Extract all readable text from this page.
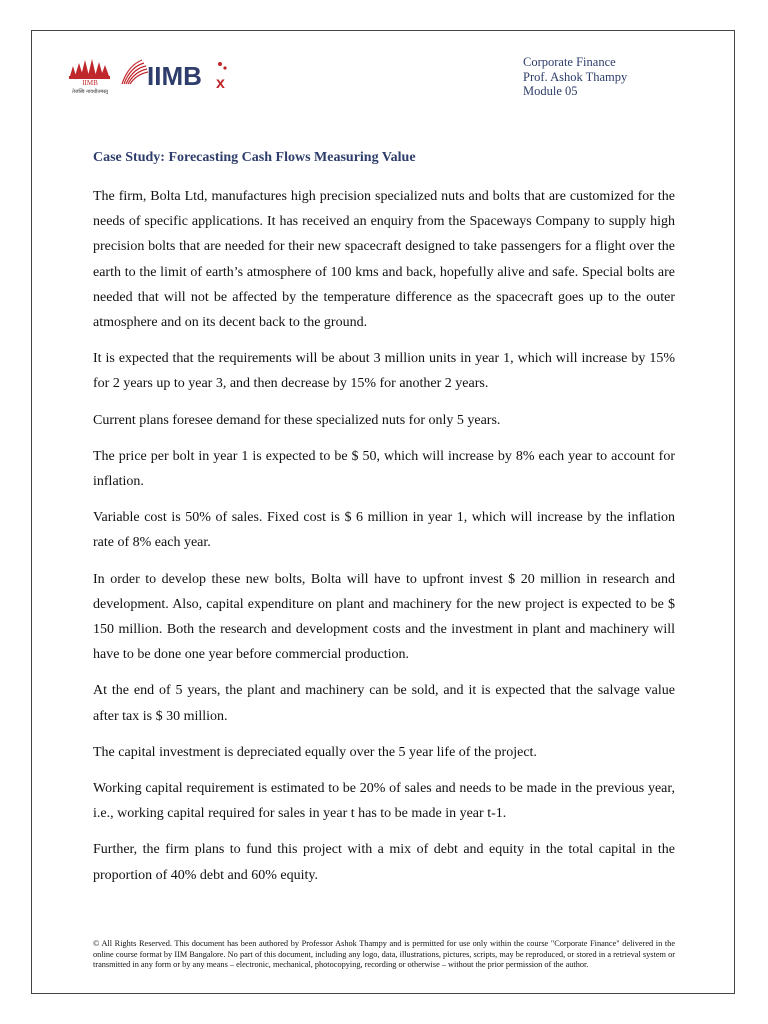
IIMB
तेजस्वि नावधीतमस्तु
IIMB x
Corporate Finance
Prof. Ashok Thampy
Module 05
Case Study: Forecasting Cash Flows Measuring Value

The firm, Bolta Ltd, manufactures high precision specialized nuts and bolts that are customized for the needs of specific applications. It has received an enquiry from the Spaceways Company to supply high precision bolts that are needed for their new spacecraft designed to take passengers for a flight over the earth to the limit of earth’s atmosphere of 100 kms and back, hopefully alive and safe. Special bolts are needed that will not be affected by the temperature difference as the spacecraft goes up to the outer atmosphere and on its decent back to the ground.

It is expected that the requirements will be about 3 million units in year 1, which will increase by 15% for 2 years up to year 3, and then decrease by 15% for another 2 years.

Current plans foresee demand for these specialized nuts for only 5 years.

The price per bolt in year 1 is expected to be $ 50, which will increase by 8% each year to account for inflation.

Variable cost is 50% of sales. Fixed cost is $ 6 million in year 1, which will increase by the inflation rate of 8% each year.

In order to develop these new bolts, Bolta will have to upfront invest $ 20 million in research and development. Also, capital expenditure on plant and machinery for the new project is expected to be $ 150 million. Both the research and development costs and the investment in plant and machinery will have to be done one year before commercial production.

At the end of 5 years, the plant and machinery can be sold, and it is expected that the salvage value after tax is $ 30 million.

The capital investment is depreciated equally over the 5 year life of the project.

Working capital requirement is estimated to be 20% of sales and needs to be made in the previous year, i.e., working capital required for sales in year t has to be made in year t-1.

Further, the firm plans to fund this project with a mix of debt and equity in the total capital in the proportion of 40% debt and 60% equity.

© All Rights Reserved. This document has been authored by Professor Ashok Thampy and is permitted for use only within the course "Corporate Finance" delivered in the online course format by IIM Bangalore. No part of this document, including any logo, data, illustrations, pictures, scripts, may be reproduced, or stored in a retrieval system or transmitted in any form or by any means – electronic, mechanical, photocopying, recording or otherwise – without the prior permission of the author.
